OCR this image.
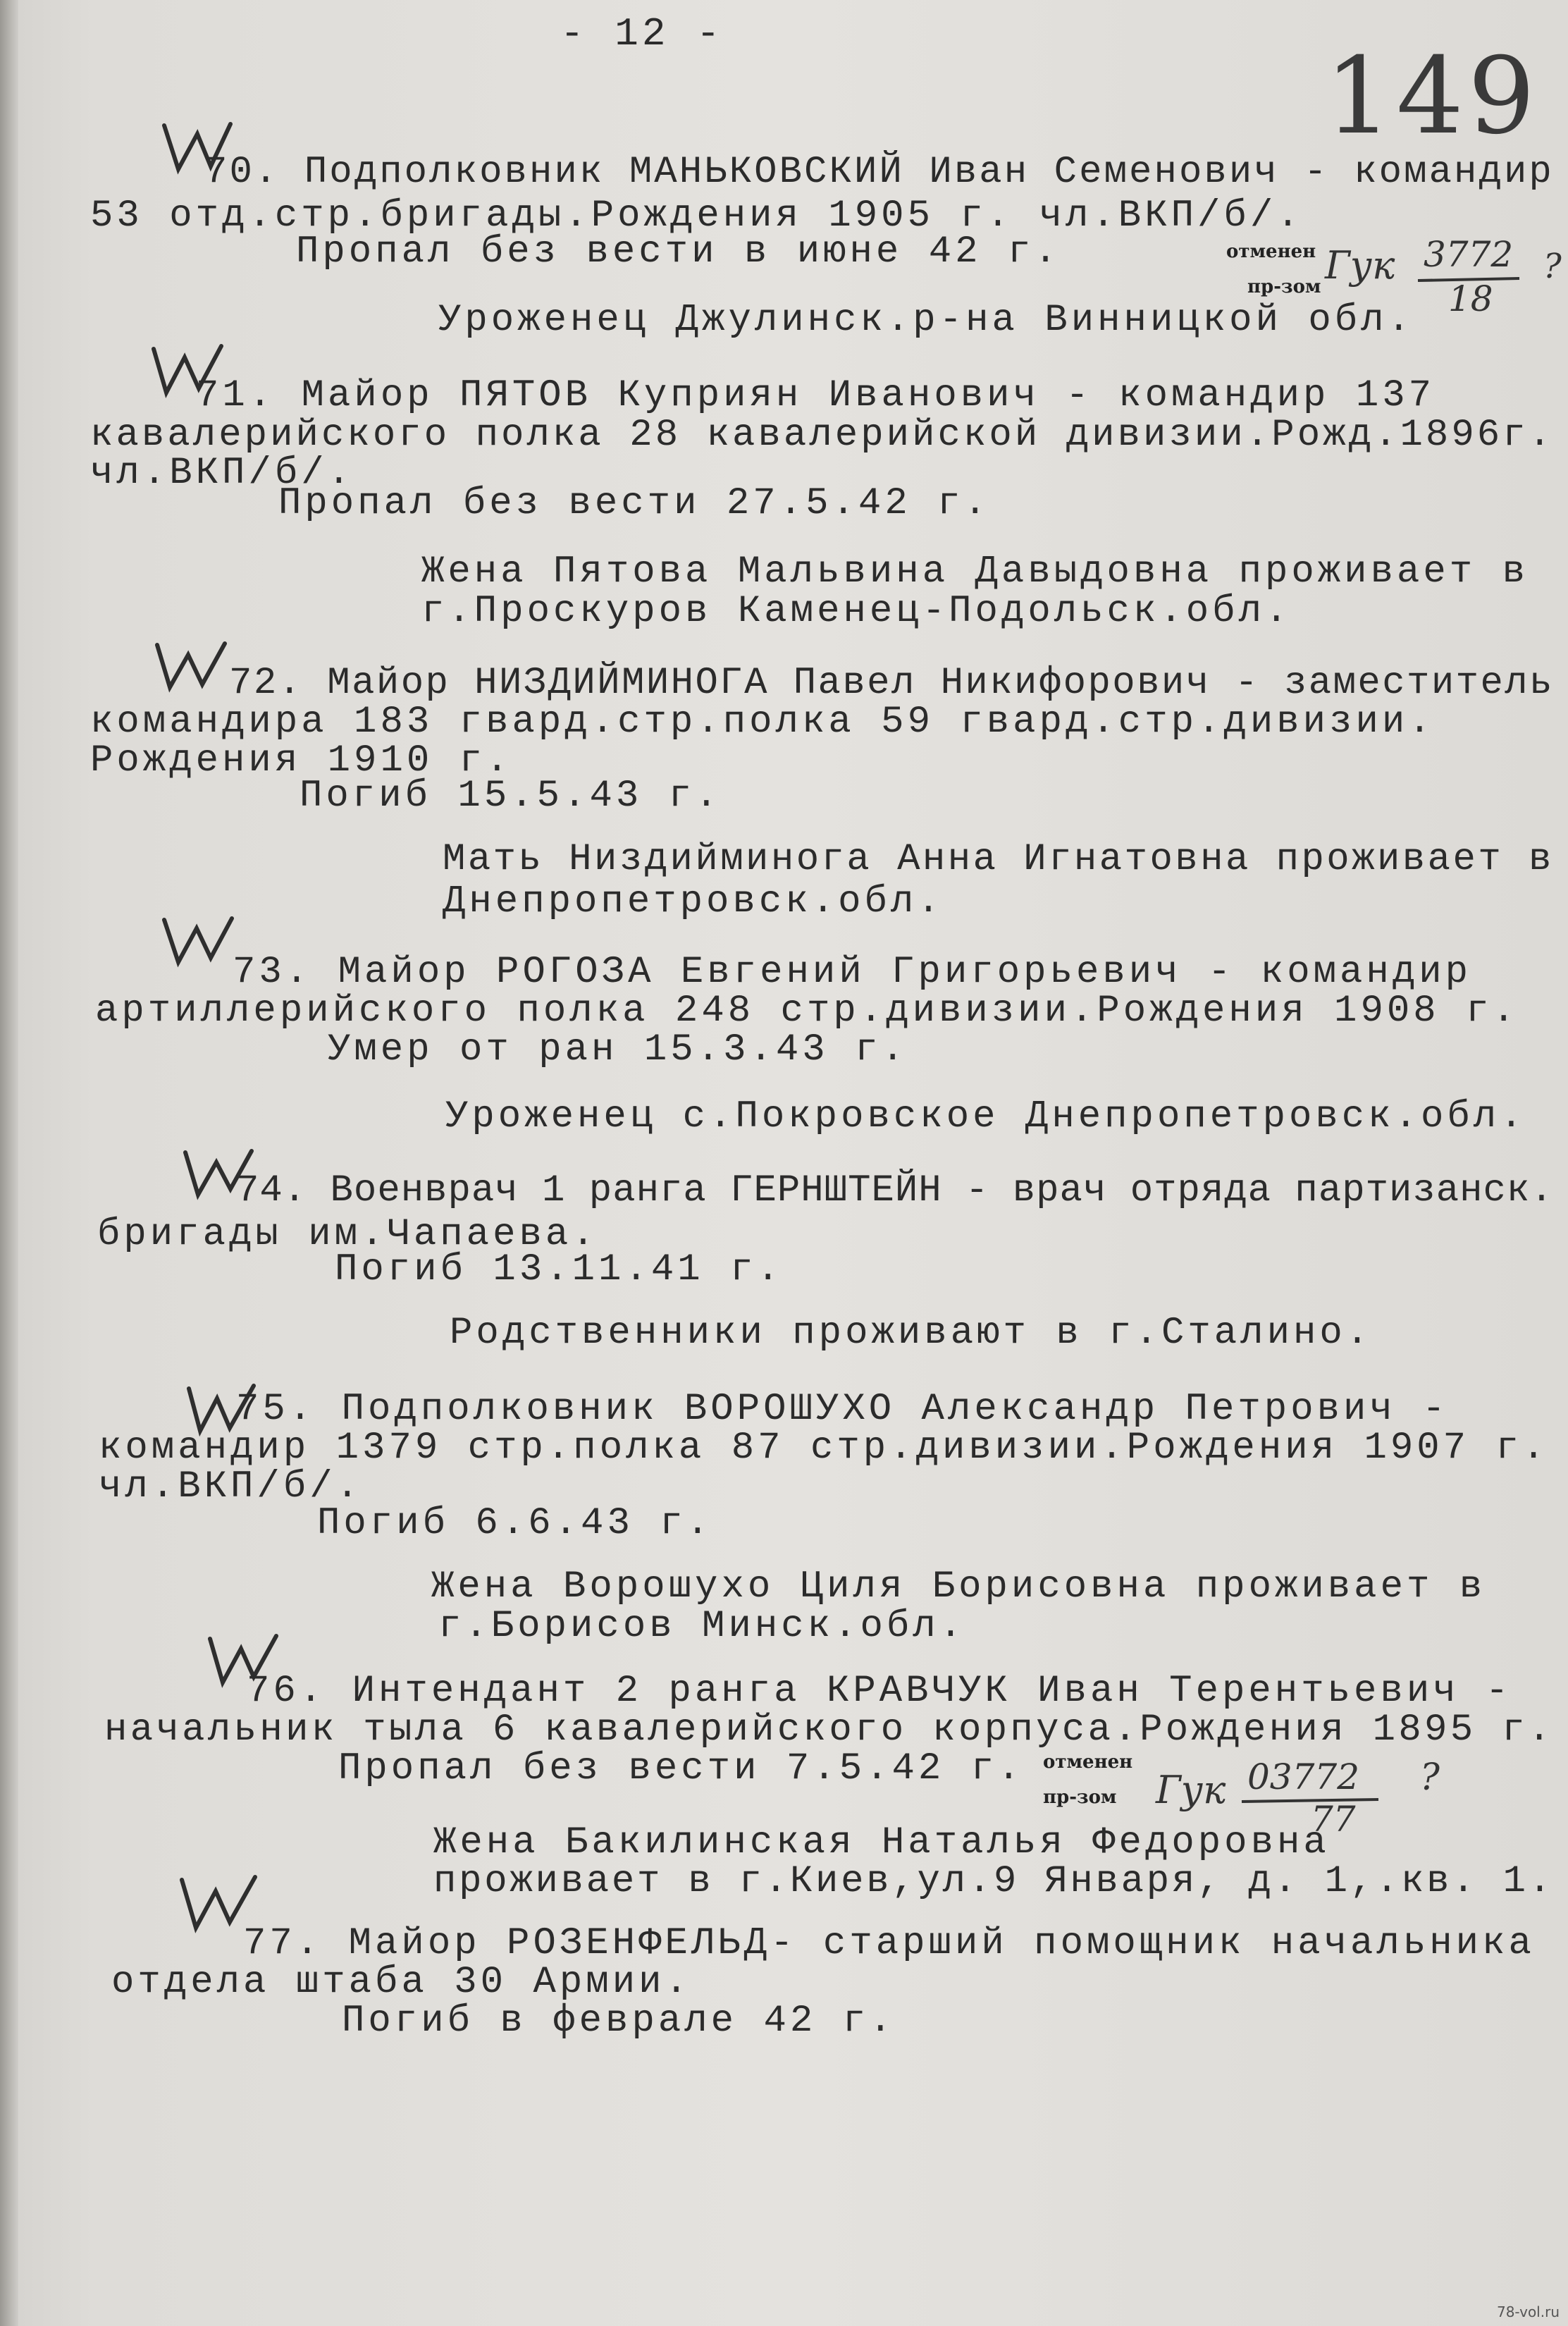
- 12 -
149
70. Подполковник МАНЬКОВСКИЙ Иван Семенович - командир
53 отд.стр.бригады.Рождения 1905 г. чл.ВКП/б/.
Пропал без вести в июне 42 г.
Уроженец Джулинск.р-на Винницкой обл.
отменен
пр-зом Гук 3772
18
?
71. Майор ПЯТОВ Куприян Иванович - командир 137
кавалерийского полка 28 кавалерийской дивизии.Рожд.1896г.
чл.ВКП/б/.
Пропал без вести 27.5.42 г.
Жена Пятова Мальвина Давыдовна проживает в
г.Проскуров Каменец-Подольск.обл.
72. Майор НИЗДИЙМИНОГА Павел Никифорович - заместитель
командира 183 гвард.стр.полка 59 гвард.стр.дивизии.
Рождения 1910 г.
Погиб 15.5.43 г.
Мать Низдийминога Анна Игнатовна проживает в
Днепропетровск.обл.
73. Майор РОГОЗА Евгений Григорьевич - командир
артиллерийского полка 248 стр.дивизии.Рождения 1908 г.
Умер от ран 15.3.43 г.
Уроженец с.Покровское Днепропетровск.обл.
74. Военврач 1 ранга ГЕРНШТЕЙН - врач отряда партизанск.
бригады им.Чапаева.
Погиб 13.11.41 г.
Родственники проживают в г.Сталино.
75. Подполковник ВОРОШУХО Александр Петрович -
командир 1379 стр.полка 87 стр.дивизии.Рождения 1907 г.
чл.ВКП/б/.
Погиб 6.6.43 г.
Жена Ворошухо Циля Борисовна проживает в
г.Борисов Минск.обл.
76. Интендант 2 ранга КРАВЧУК Иван Терентьевич -
начальник тыла 6 кавалерийского корпуса.Рождения 1895 г.
Пропал без вести 7.5.42 г.
Жена Бакилинская Наталья Федоровна
проживает в г.Киев,ул.9 Января, д. 1,.кв. 1.
отменен
пр-зом Гук 03772
77
?
77. Майор РОЗЕНФЕЛЬД- старший помощник начальника
отдела штаба 30 Армии.
Погиб в феврале 42 г.
78-vol.ru
